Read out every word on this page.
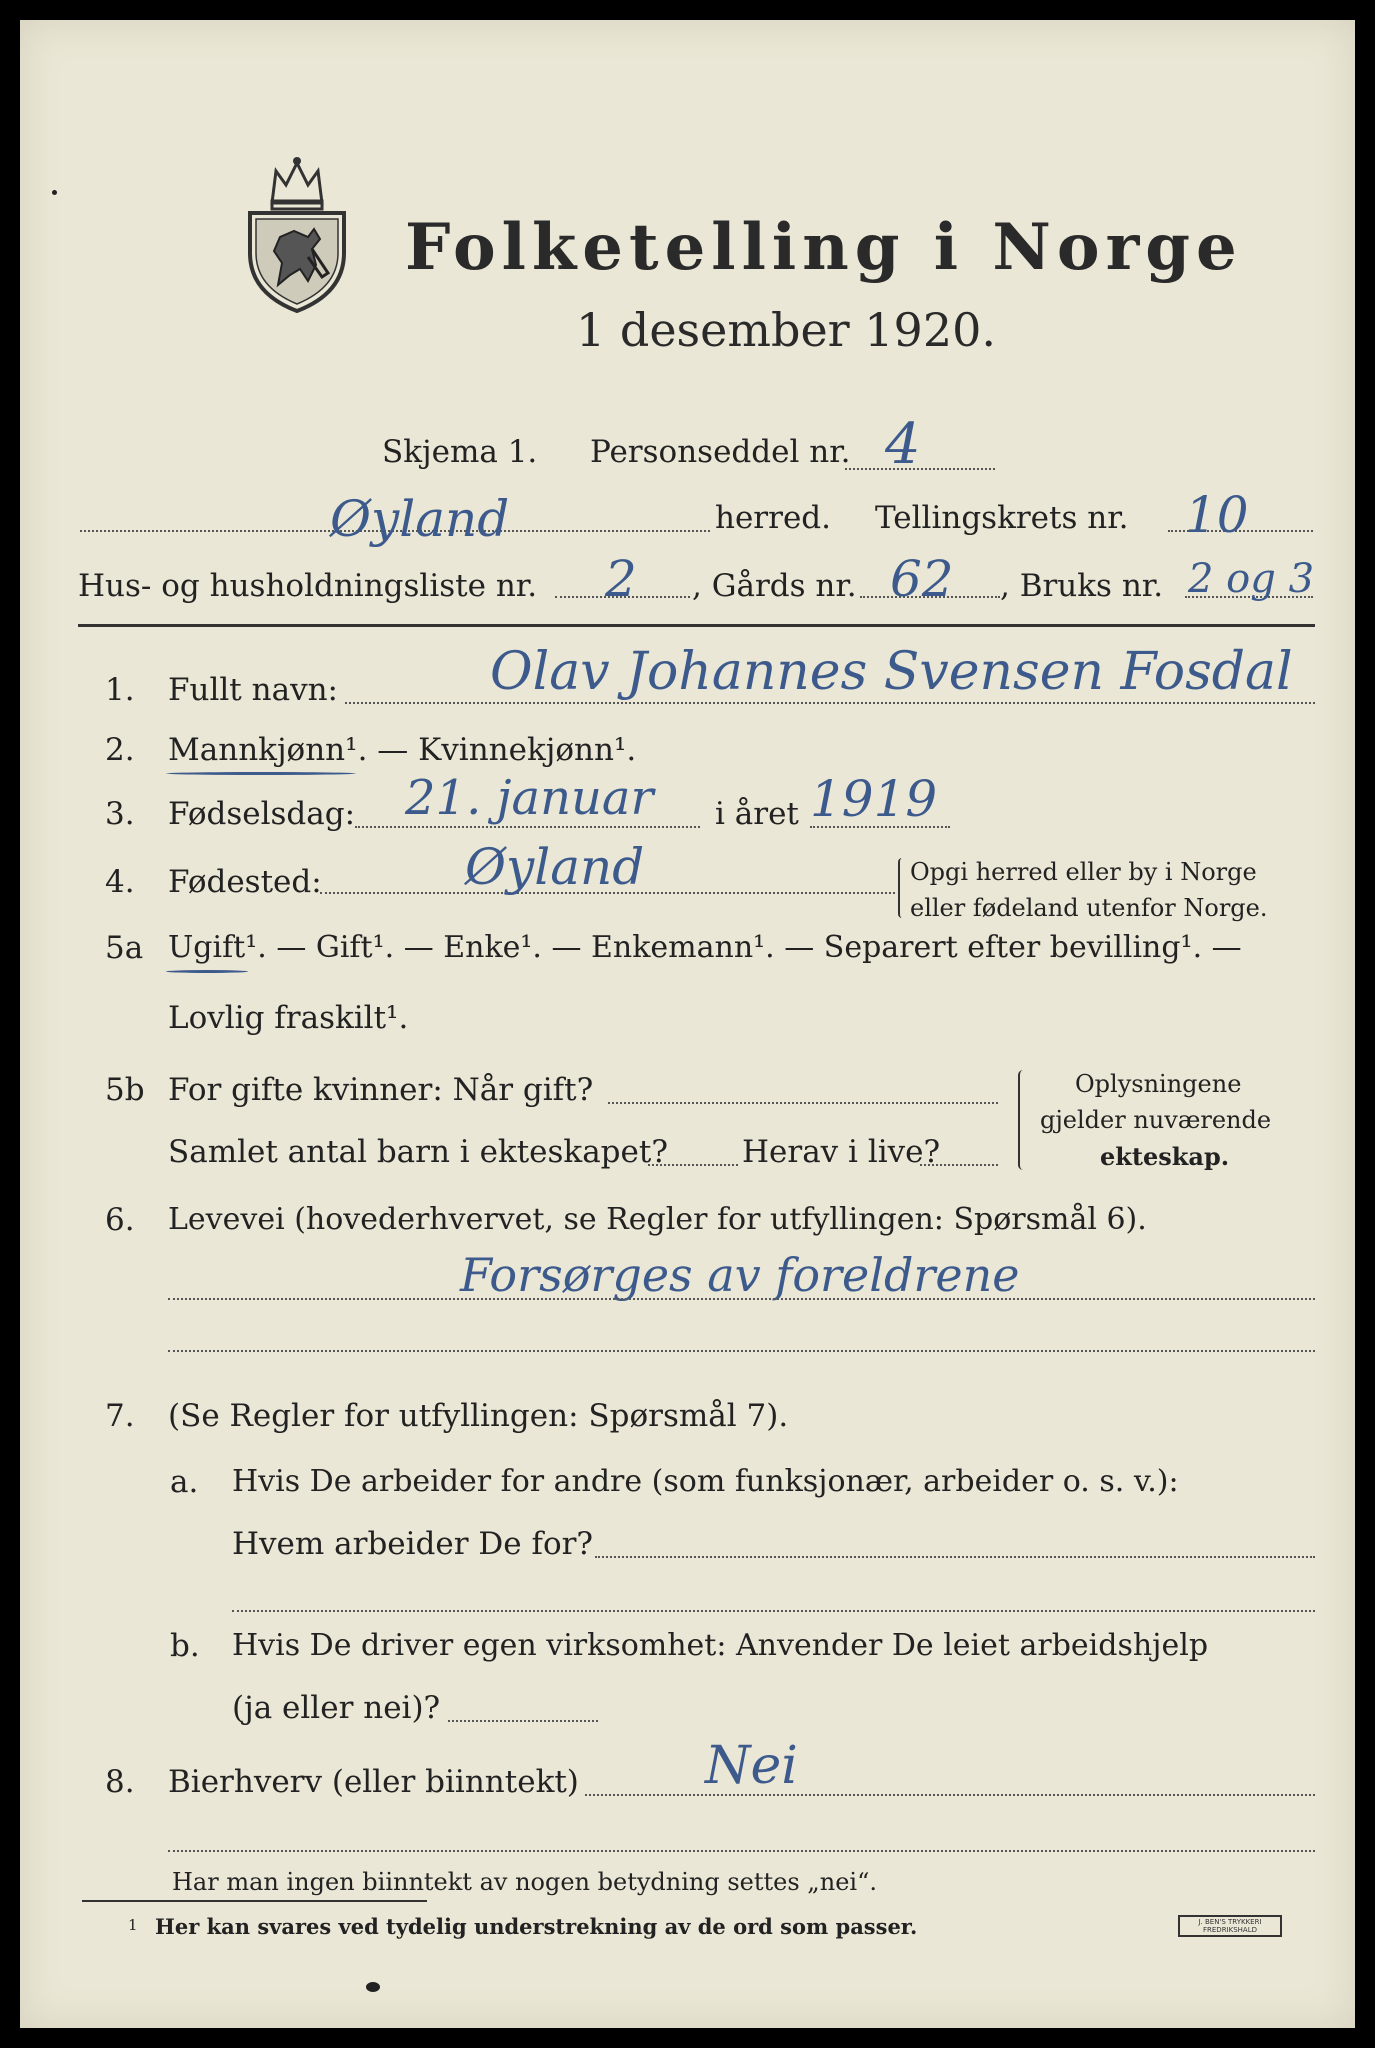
Folketelling i Norge
1 desember 1920.
Skjema 1. Personseddel nr. 4
Øyland	herred. Tellingskrets nr. 10
Hus- og husholdningsliste nr. 2 , Gårds nr. 62 , Bruks nr. 2 og 3
1. Fullt navn:	Olav Johannes Svensen Fosdal
2. Mannkjønn¹. — Kvinnekjønn¹.
3. Fødselsdag: 21. januar i året 1919
4. Fødested:	Øyland	Opgi herred eller by i Norge
eller fødeland utenfor Norge.
5a Ugift¹. — Gift¹. — Enke¹. — Enkemann¹. — Separert efter bevilling¹. —
Lovlig fraskilt¹.
5b For gifte kvinner: Når gift?
Samlet antal barn i ekteskapet? Herav i live?
Oplysningene
gjelder nuværende
ekteskap.
6. Levevei (hovederhvervet, se Regler for utfyllingen: Spørsmål 6).
Forsørges av foreldrene
7. (Se Regler for utfyllingen: Spørsmål 7).
a. Hvis De arbeider for andre (som funksjonær, arbeider o. s. v.):
Hvem arbeider De for?
b. Hvis De driver egen virksomhet: Anvender De leiet arbeidshjelp
(ja eller nei)?
8. Bierhverv (eller biinntekt) Nei
Har man ingen biinntekt av nogen betydning settes „nei“.
1 Her kan svares ved tydelig understrekning av de ord som passer.	J. BEN'S TRYKKERI FREDRIKSHALD
